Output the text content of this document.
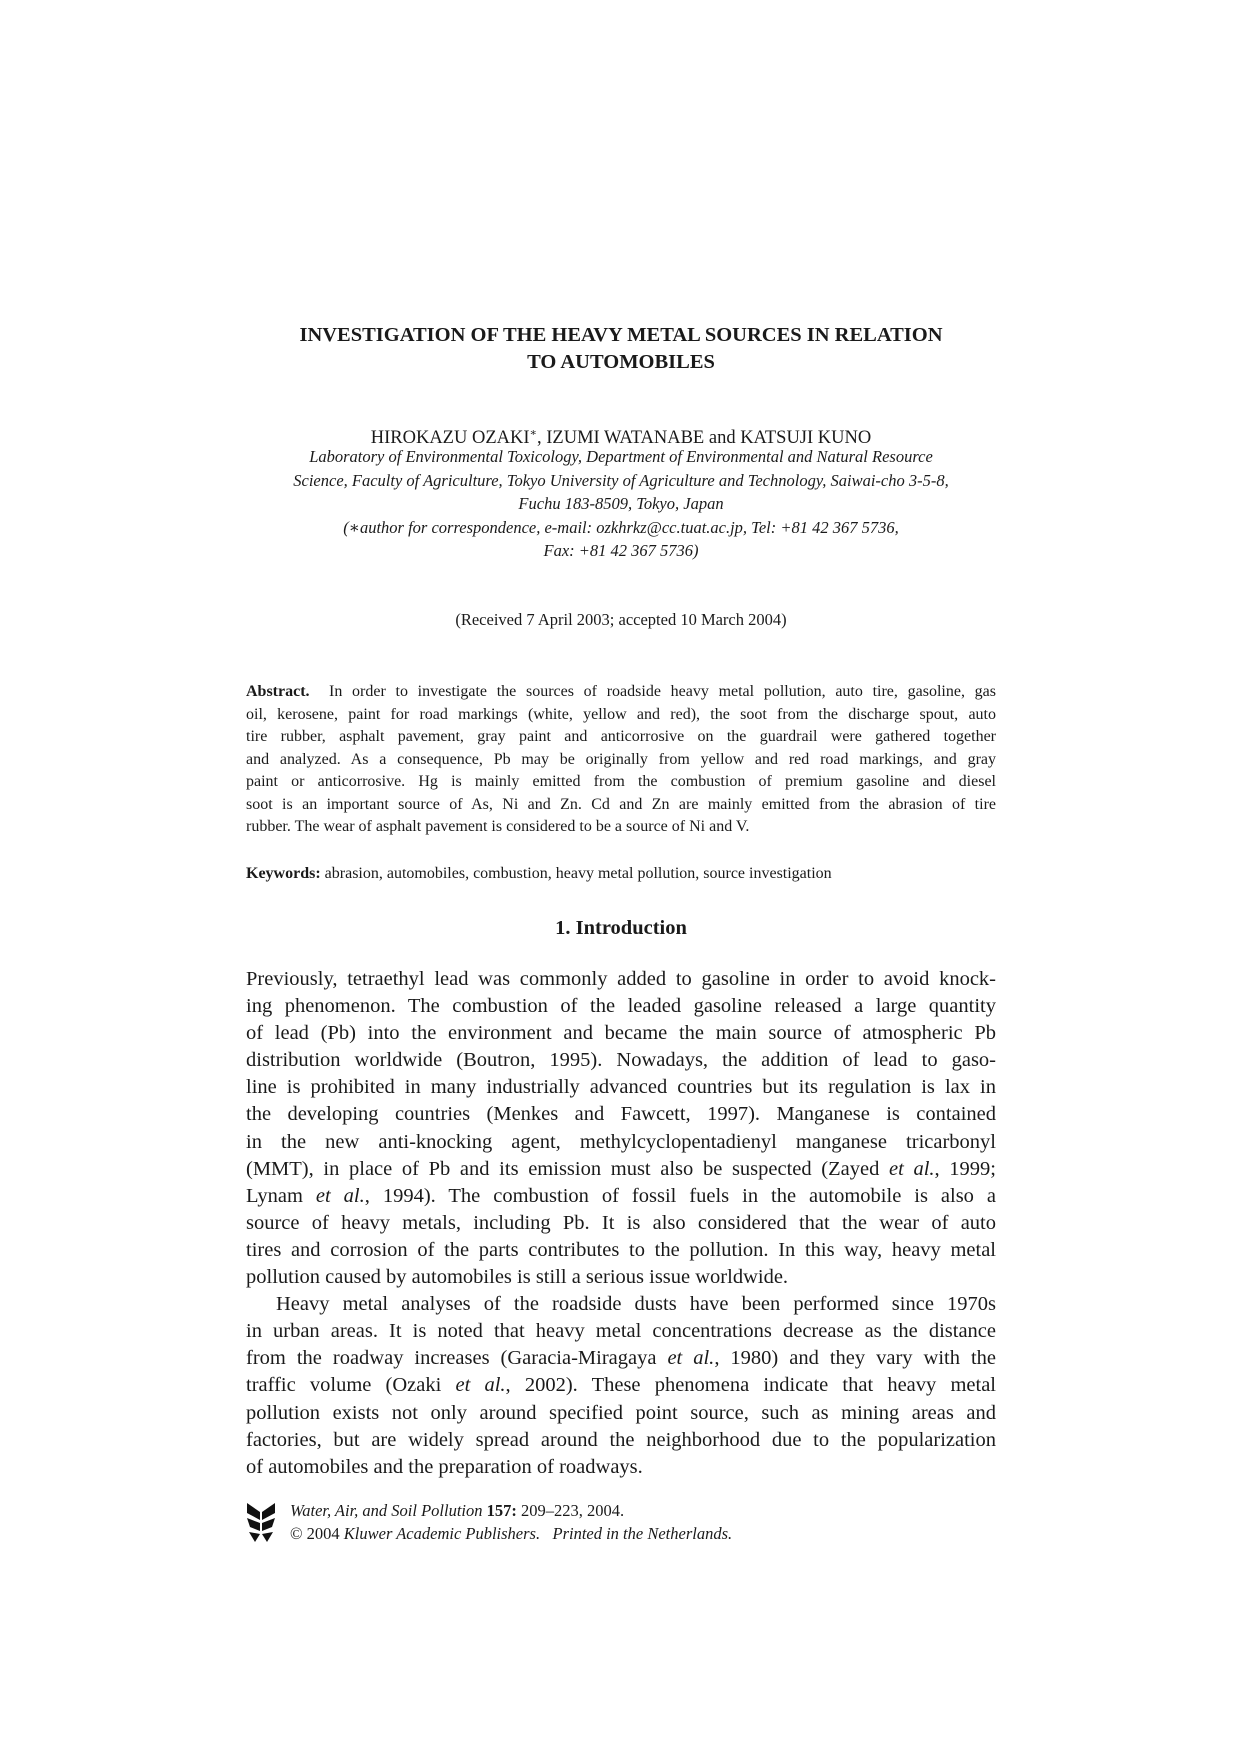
INVESTIGATION OF THE HEAVY METAL SOURCES IN RELATION
TO AUTOMOBILES
HIROKAZU OZAKI∗, IZUMI WATANABE and KATSUJI KUNO
Laboratory of Environmental Toxicology, Department of Environmental and Natural Resource
Science, Faculty of Agriculture, Tokyo University of Agriculture and Technology, Saiwai-cho 3-5-8,
Fuchu 183-8509, Tokyo, Japan
(∗author for correspondence, e-mail: ozkhrkz@cc.tuat.ac.jp, Tel: +81 42 367 5736,
Fax: +81 42 367 5736)
(Received 7 April 2003; accepted 10 March 2004)
Abstract. In order to investigate the sources of roadside heavy metal pollution, auto tire, gasoline, gas
oil, kerosene, paint for road markings (white, yellow and red), the soot from the discharge spout, auto
tire rubber, asphalt pavement, gray paint and anticorrosive on the guardrail were gathered together
and analyzed. As a consequence, Pb may be originally from yellow and red road markings, and gray
paint or anticorrosive. Hg is mainly emitted from the combustion of premium gasoline and diesel
soot is an important source of As, Ni and Zn. Cd and Zn are mainly emitted from the abrasion of tire
rubber. The wear of asphalt pavement is considered to be a source of Ni and V.
Keywords: abrasion, automobiles, combustion, heavy metal pollution, source investigation
1. Introduction
Previously, tetraethyl lead was commonly added to gasoline in order to avoid knock-
ing phenomenon. The combustion of the leaded gasoline released a large quantity
of lead (Pb) into the environment and became the main source of atmospheric Pb
distribution worldwide (Boutron, 1995). Nowadays, the addition of lead to gaso-
line is prohibited in many industrially advanced countries but its regulation is lax in
the developing countries (Menkes and Fawcett, 1997). Manganese is contained
in the new anti-knocking agent, methylcyclopentadienyl manganese tricarbonyl
(MMT), in place of Pb and its emission must also be suspected (Zayed et al., 1999;
Lynam et al., 1994). The combustion of fossil fuels in the automobile is also a
source of heavy metals, including Pb. It is also considered that the wear of auto
tires and corrosion of the parts contributes to the pollution. In this way, heavy metal
pollution caused by automobiles is still a serious issue worldwide.
Heavy metal analyses of the roadside dusts have been performed since 1970s
in urban areas. It is noted that heavy metal concentrations decrease as the distance
from the roadway increases (Garacia-Miragaya et al., 1980) and they vary with the
traffic volume (Ozaki et al., 2002). These phenomena indicate that heavy metal
pollution exists not only around specified point source, such as mining areas and
factories, but are widely spread around the neighborhood due to the popularization
of automobiles and the preparation of roadways.
Water, Air, and Soil Pollution 157: 209–223, 2004.
© 2004 Kluwer Academic Publishers. Printed in the Netherlands.
